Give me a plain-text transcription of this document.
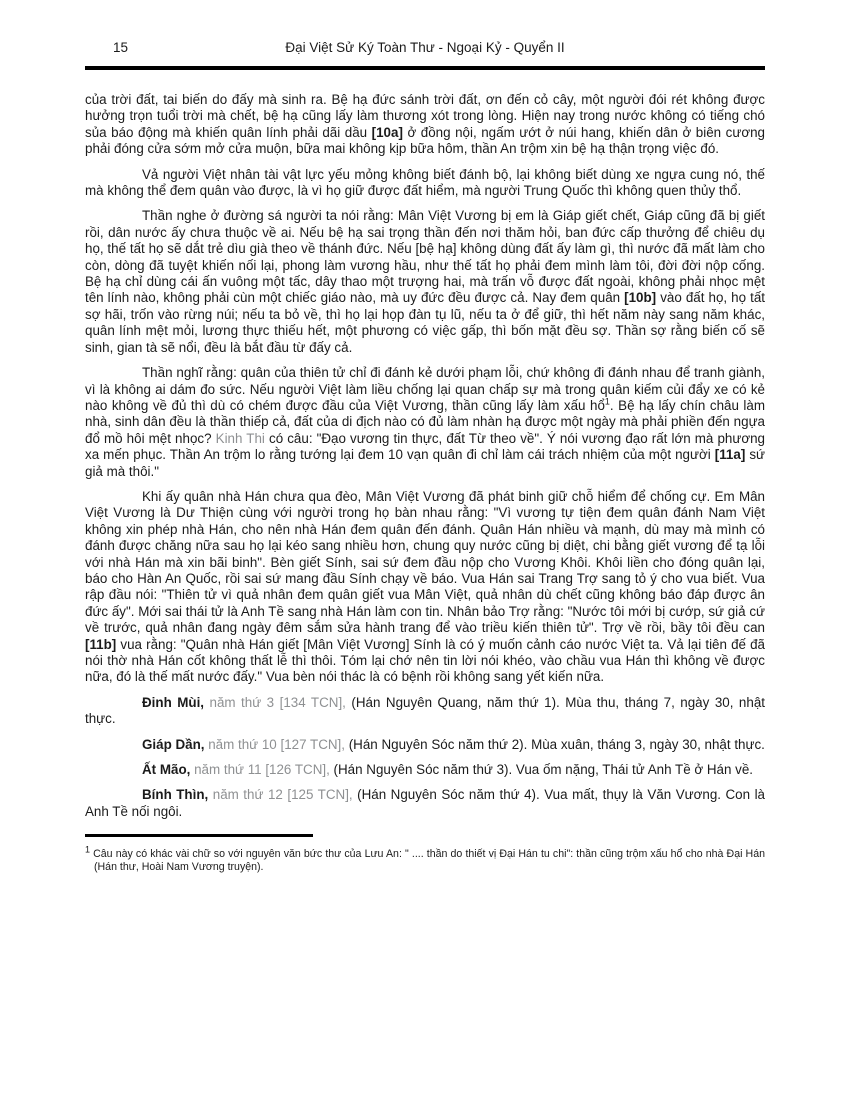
15	Đại Việt Sử Ký Toàn Thư - Ngoại Kỷ - Quyển II

của trời đất, tai biến do đấy mà sinh ra. Bệ hạ đức sánh trời đất, ơn đến cỏ cây, một người đói rét không được hưởng trọn tuổi trời mà chết, bệ hạ cũng lấy làm thương xót trong lòng. Hiện nay trong nước không có tiếng chó sủa báo động mà khiến quân lính phải dãi dầu [10a] ở đồng nội, ngấm ướt ở núi hang, khiến dân ở biên cương phải đóng cửa sớm mở cửa muộn, bữa mai không kịp bữa hôm, thần An trộm xin bệ hạ thận trọng việc đó.

Vả người Việt nhân tài vật lực yếu mỏng không biết đánh bộ, lại không biết dùng xe ngựa cung nó, thế mà không thể đem quân vào được, là vì họ giữ được đất hiểm, mà người Trung Quốc thì không quen thủy thổ.

Thần nghe ở đường sá người ta nói rằng: Mân Việt Vương bị em là Giáp giết chết, Giáp cũng đã bị giết rồi, dân nước ấy chưa thuộc về ai. Nếu bệ hạ sai trọng thần đến nơi thăm hỏi, ban đức cấp thưởng để chiêu dụ họ, thế tất họ sẽ dắt trẻ dìu già theo về thánh đức. Nếu [bệ hạ] không dùng đất ấy làm gì, thì nước đã mất làm cho còn, dòng đã tuyệt khiến nối lại, phong làm vương hầu, như thế tất họ phải đem mình làm tôi, đời đời nộp cống. Bệ hạ chỉ dùng cái ấn vuông một tấc, dây thao một trượng hai, mà trấn vỗ được đất ngoài, không phải nhọc mệt tên lính nào, không phải cùn một chiếc giáo nào, mà uy đức đều được cả. Nay đem quân [10b] vào đất họ, họ tất sợ hãi, trốn vào rừng núi; nếu ta bỏ về, thì họ lại họp đàn tụ lũ, nếu ta ở để giữ, thì hết năm này sang năm khác, quân lính mệt mỏi, lương thực thiếu hết, một phương có việc gấp, thì bốn mặt đều sợ. Thần sợ rằng biến cố sẽ sinh, gian tà sẽ nổi, đều là bắt đầu từ đấy cả.

Thần nghĩ rằng: quân của thiên tử chỉ đi đánh kẻ dưới phạm lỗi, chứ không đi đánh nhau để tranh giành, vì là không ai dám đo sức. Nếu người Việt làm liều chống lại quan chấp sự mà trong quân kiếm củi đẩy xe có kẻ nào không về đủ thì dù có chém được đầu của Việt Vương, thần cũng lấy làm xấu hổ$^1$. Bệ hạ lấy chín châu làm nhà, sinh dân đều là thần thiếp cả, đất của di địch nào có đủ làm nhàn hạ được một ngày mà phải phiền đến ngựa đổ mồ hôi mệt nhọc? Kinh Thi có câu: "Đạo vương tin thực, đất Từ theo về". Ý nói vương đạo rất lớn mà phương xa mến phục. Thần An trộm lo rằng tướng lại đem 10 vạn quân đi chỉ làm cái trách nhiệm của một người [11a] sứ giả mà thôi."

Khi ấy quân nhà Hán chưa qua đèo, Mân Việt Vương đã phát binh giữ chỗ hiểm để chống cự. Em Mân Việt Vương là Dư Thiện cùng với người trong họ bàn nhau rằng: "Vì vương tự tiện đem quân đánh Nam Việt không xin phép nhà Hán, cho nên nhà Hán đem quân đến đánh. Quân Hán nhiều và mạnh, dù may mà mình có đánh được chăng nữa sau họ lại kéo sang nhiều hơn, chung quy nước cũng bị diệt, chi bằng giết vương để tạ lỗi với nhà Hán mà xin bãi binh". Bèn giết Sính, sai sứ đem đầu nộp cho Vương Khôi. Khôi liền cho đóng quân lại, báo cho Hàn An Quốc, rồi sai sứ mang đầu Sính chạy về báo. Vua Hán sai Trang Trợ sang tỏ ý cho vua biết. Vua rập đầu nói: "Thiên tử vì quả nhân đem quân giết vua Mân Việt, quả nhân dù chết cũng không báo đáp được ân đức ấy". Mới sai thái tử là Anh Tề sang nhà Hán làm con tin. Nhân bảo Trợ rằng: "Nước tôi mới bị cướp, sứ giả cứ về trước, quả nhân đang ngày đêm sắm sửa hành trang để vào triều kiến thiên tử". Trợ về rồi, bầy tôi đều can [11b] vua rằng: "Quân nhà Hán giết [Mân Việt Vương] Sính là có ý muốn cảnh cáo nước Việt ta. Vả lại tiên đế đã nói thờ nhà Hán cốt không thất lễ thì thôi. Tóm lại chớ nên tin lời nói khéo, vào chầu vua Hán thì không về được nữa, đó là thế mất nước đấy." Vua bèn nói thác là có bệnh rồi không sang yết kiến nữa.

Đinh Mùi, năm thứ 3 [134 TCN], (Hán Nguyên Quang, năm thứ 1). Mùa thu, tháng 7, ngày 30, nhật thực.

Giáp Dần, năm thứ 10 [127 TCN], (Hán Nguyên Sóc năm thứ 2). Mùa xuân, tháng 3, ngày 30, nhật thực.

Ất Mão, năm thứ 11 [126 TCN], (Hán Nguyên Sóc năm thứ 3). Vua ốm nặng, Thái tử Anh Tề ở Hán về.

Bính Thìn, năm thứ 12 [125 TCN], (Hán Nguyên Sóc năm thứ 4). Vua mất, thụy là Văn Vương. Con là Anh Tề nối ngôi.

$^1$ Câu này có khác vài chữ so với nguyên văn bức thư của Lưu An: " .... thần do thiết vị Đại Hán tu chi": thần cũng trộm xấu hổ cho nhà Đại Hán (Hán thư, Hoài Nam Vương truyện).
